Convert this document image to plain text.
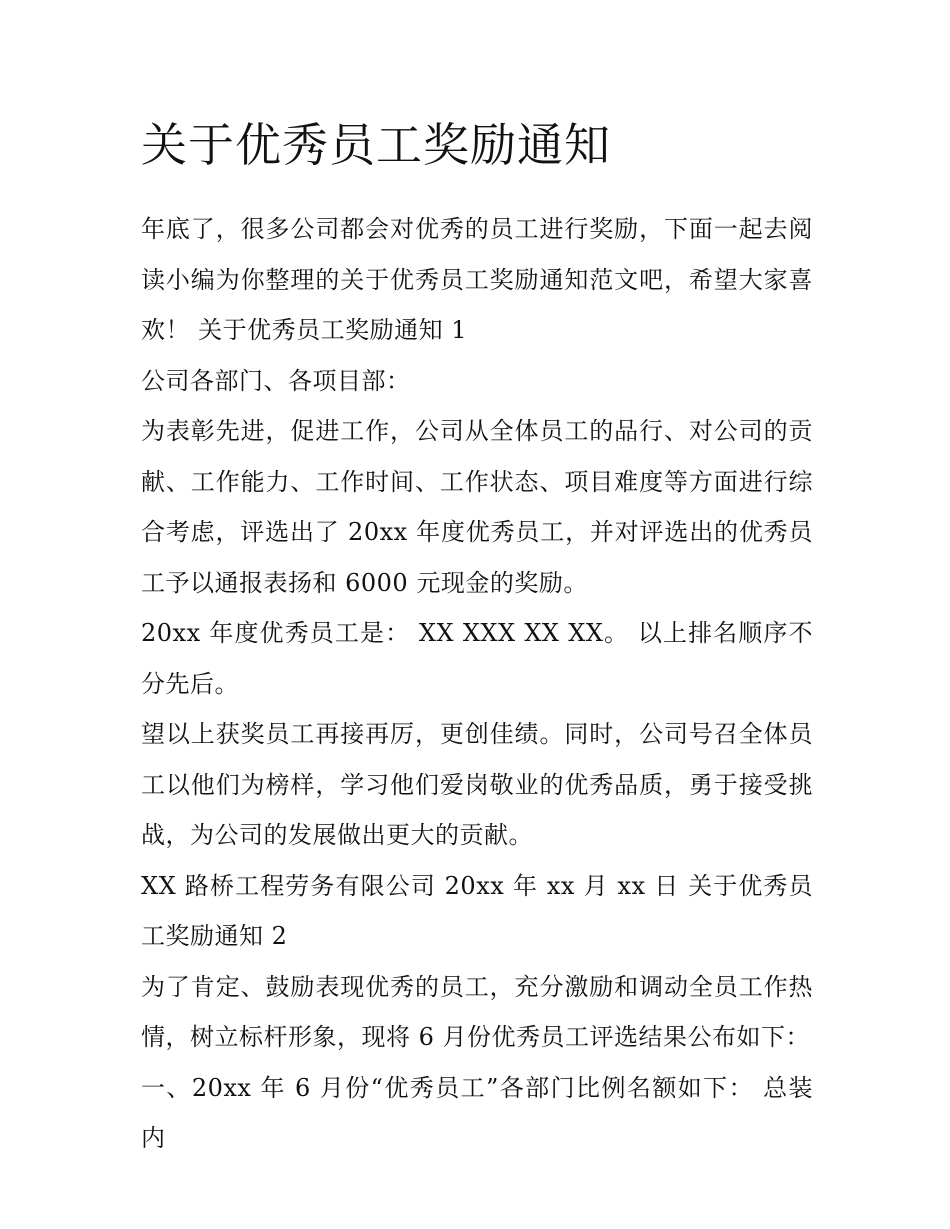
关于优秀员工奖励通知

年底了，很多公司都会对优秀的员工进行奖励，下面一起去阅读小编为你整理的关于优秀员工奖励通知范文吧，希望大家喜欢！ 关于优秀员工奖励通知 1

公司各部门、各项目部：

为表彰先进，促进工作，公司从全体员工的品行、对公司的贡献、工作能力、工作时间、工作状态、项目难度等方面进行综合考虑，评选出了 20xx 年度优秀员工，并对评选出的优秀员工予以通报表扬和 6000 元现金的奖励。

20xx 年度优秀员工是： XX XXX XX XX。 以上排名顺序不分先后。

望以上获奖员工再接再厉，更创佳绩。同时，公司号召全体员工以他们为榜样，学习他们爱岗敬业的优秀品质，勇于接受挑战，为公司的发展做出更大的贡献。

XX 路桥工程劳务有限公司 20xx 年 xx 月 xx 日 关于优秀员工奖励通知 2

为了肯定、鼓励表现优秀的员工，充分激励和调动全员工作热情，树立标杆形象，现将 6 月份优秀员工评选结果公布如下：

一、20xx 年 6 月份“优秀员工”各部门比例名额如下： 总装内
